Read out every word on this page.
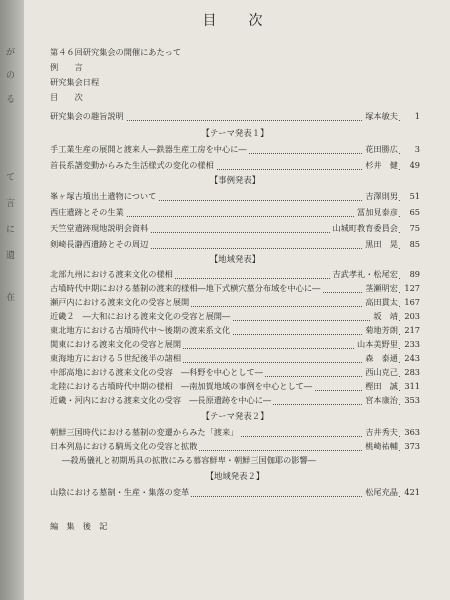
が
の
る
て
言
に
遺
在
目　次
第４６回研究集会の開催にあたって
例　　言
研究集会日程
目　　次
研究集会の趣旨説明	塚本敏夫	1
【テーマ発表１】
手工業生産の展開と渡来人―鉄器生産工房を中心に―	花田勝広	3
首長系譜変動からみた生活様式の変化の様相	杉井　健	49
【事例発表】
峯ヶ塚古墳出土遺物について	吉澤則男	51
西庄遺跡とその生業	冨加見泰彦	65
天竺堂遺跡現地説明会資料	山城町教育委員会	75
剣崎長瀞西遺跡とその周辺	黒田　晃	85
【地域発表】
北部九州における渡来文化の様相	吉武孝礼・松尾宏	89
古墳時代中期における墓制の渡来的様相―地下式横穴墓分布域を中心に―	茎瀬明宏 127
瀬戸内における渡来文化の受容と展開	高田貫太 167
近畿２　―大和における渡来文化の受容と展開―	坂　靖 203
東北地方における古墳時代中～後期の渡来系文化	菊地芳朗 217
関東における渡来文化の受容と展開	山本美野里 233
東海地方における５世紀後半の諸相	森　泰通 243
中部高地における渡来文化の受容　―科野を中心として―	西山克己 283
北陸における古墳時代中期の様相　―南加賀地域の事例を中心として―	樫田　誠 311
近畿・河内における渡来文化の受容　―長原遺跡を中心に―	宮本康治 353
【テーマ発表２】
朝鮮三国時代における墓制の変遷からみた「渡来」	吉井秀夫 363
日本列島における騎馬文化の受容と拡散	桃崎祐輔 373
―殺馬儀礼と初期馬具の拡散にみる慕容鮮卑・朝鮮三国伽耶の影響―
【地域発表２】
山陰における墓制・生産・集落の変革	松尾充晶 421
編　集　後　記
